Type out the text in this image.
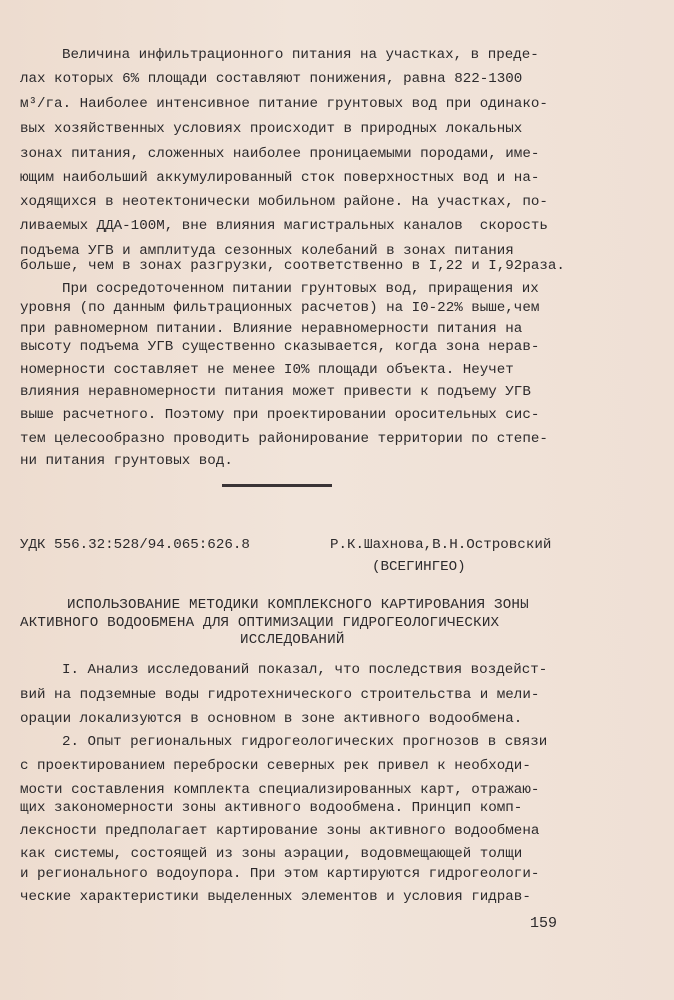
Величина инфильтрационного питания на участках, в преде-
лах которых 6% площади составляют понижения, равна 822-1300
м³/га. Наиболее интенсивное питание грунтовых вод при одинако-
вых хозяйственных условиях происходит в природных локальных
зонах питания, сложенных наиболее проницаемыми породами, име-
ющим наибольший аккумулированный сток поверхностных вод и на-
ходящихся в неотектонически мобильном районе. На участках, по-
ливаемых ДДА-100М, вне влияния магистральных каналов  скорость
подъема УГВ и амплитуда сезонных колебаний в зонах питания
больше, чем в зонах разгрузки, соответственно в I,22 и I,92раза.
При сосредоточенном питании грунтовых вод, приращения их
уровня (по данным фильтрационных расчетов) на I0-22% выше,чем
при равномерном питании. Влияние неравномерности питания на
высоту подъема УГВ существенно сказывается, когда зона нерав-
номерности составляет не менее I0% площади объекта. Неучет
влияния неравномерности питания может привести к подъему УГВ
выше расчетного. Поэтому при проектировании оросительных сис-
тем целесообразно проводить районирование территории по степе-
ни питания грунтовых вод.
УДК 556.32:528/94.065:626.8	Р.К.Шахнова,В.Н.Островский
(ВСЕГИНГЕО)
ИСПОЛЬЗОВАНИЕ МЕТОДИКИ КОМПЛЕКСНОГО КАРТИРОВАНИЯ ЗОНЫ
АКТИВНОГО ВОДООБМЕНА ДЛЯ ОПТИМИЗАЦИИ ГИДРОГЕОЛОГИЧЕСКИХ
ИССЛЕДОВАНИЙ
I. Анализ исследований показал, что последствия воздейст-
вий на подземные воды гидротехнического строительства и мели-
орации локализуются в основном в зоне активного водообмена.
2. Опыт региональных гидрогеологических прогнозов в связи
с проектированием переброски северных рек привел к необходи-
мости составления комплекта специализированных карт, отражаю-
щих закономерности зоны активного водообмена. Принцип комп-
лексности предполагает картирование зоны активного водообмена
как системы, состоящей из зоны аэрации, водовмещающей толщи
и регионального водоупора. При этом картируются гидрогеологи-
ческие характеристики выделенных элементов и условия гидрав-
159
